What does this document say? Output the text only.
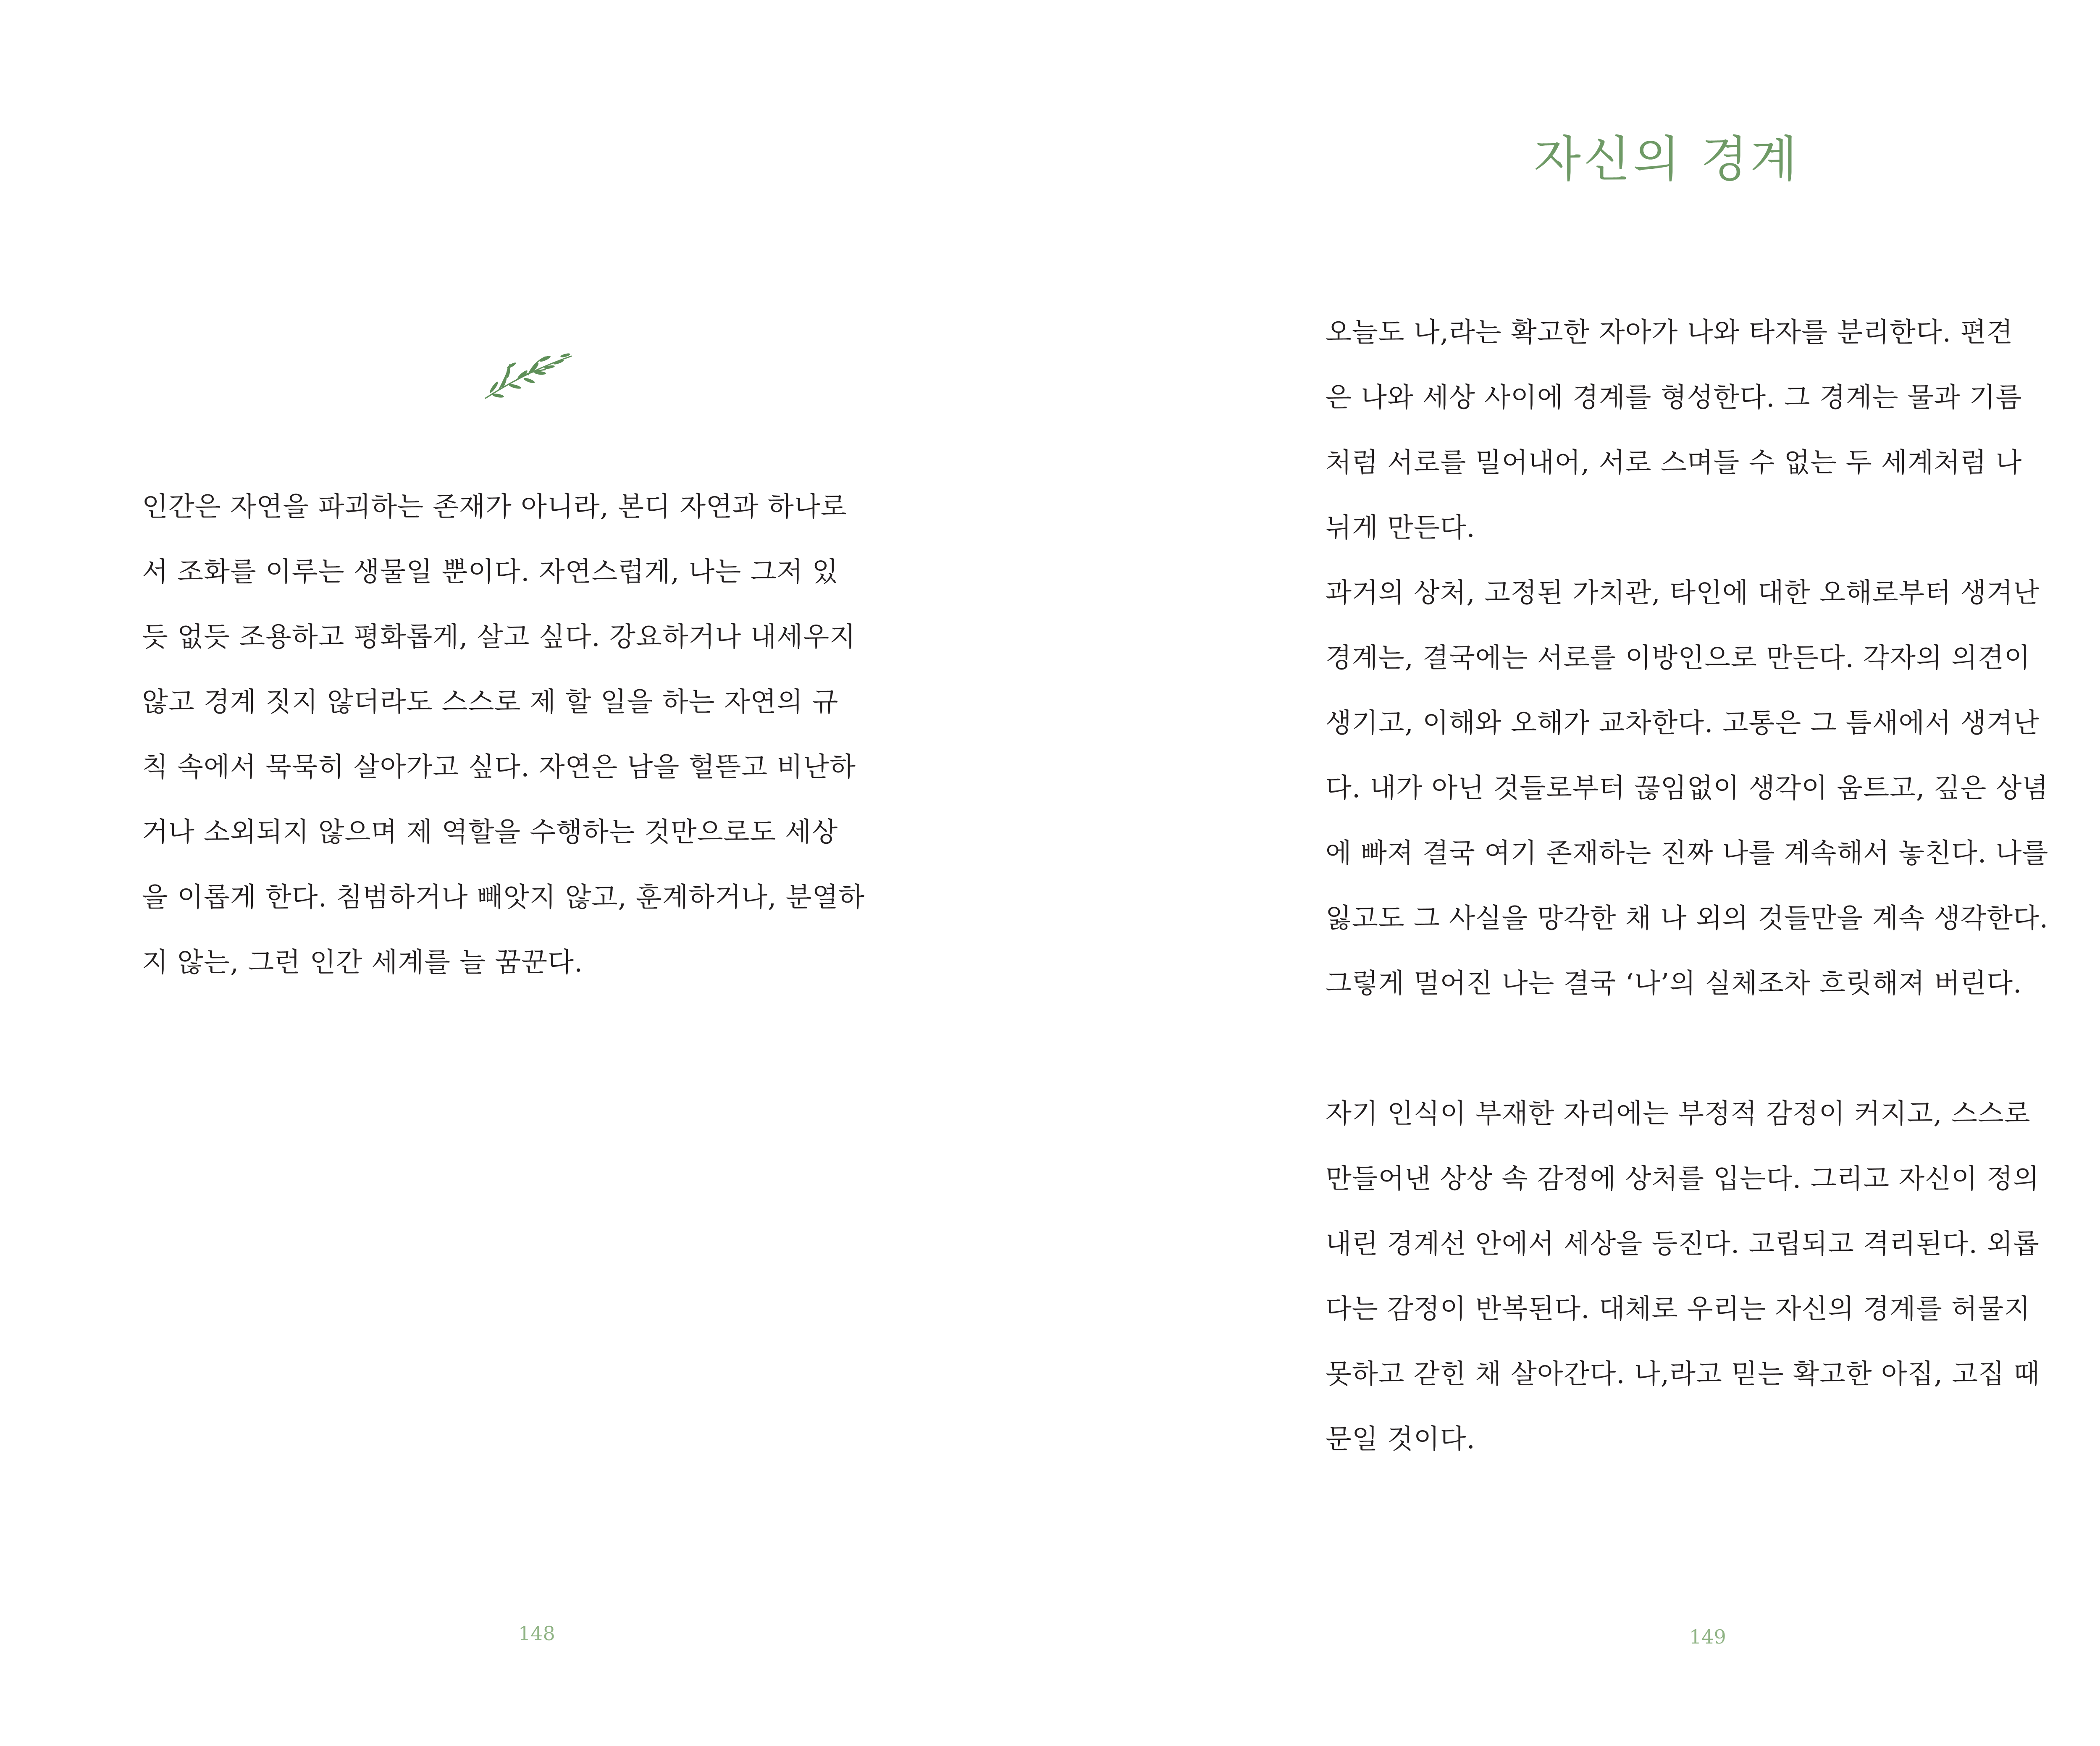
인간은 자연을 파괴하는 존재가 아니라, 본디 자연과 하나로
서 조화를 이루는 생물일 뿐이다. 자연스럽게, 나는 그저 있
듯 없듯 조용하고 평화롭게, 살고 싶다. 강요하거나 내세우지
않고 경계 짓지 않더라도 스스로 제 할 일을 하는 자연의 규
칙 속에서 묵묵히 살아가고 싶다. 자연은 남을 헐뜯고 비난하
거나 소외되지 않으며 제 역할을 수행하는 것만으로도 세상
을 이롭게 한다. 침범하거나 빼앗지 않고, 훈계하거나, 분열하
지 않는, 그런 인간 세계를 늘 꿈꾼다.
148
자신의 경계
오늘도 나,라는 확고한 자아가 나와 타자를 분리한다. 편견
은 나와 세상 사이에 경계를 형성한다. 그 경계는 물과 기름
처럼 서로를 밀어내어, 서로 스며들 수 없는 두 세계처럼 나
뉘게 만든다.
과거의 상처, 고정된 가치관, 타인에 대한 오해로부터 생겨난
경계는, 결국에는 서로를 이방인으로 만든다. 각자의 의견이
생기고, 이해와 오해가 교차한다. 고통은 그 틈새에서 생겨난
다. 내가 아닌 것들로부터 끊임없이 생각이 움트고, 깊은 상념
에 빠져 결국 여기 존재하는 진짜 나를 계속해서 놓친다. 나를
잃고도 그 사실을 망각한 채 나 외의 것들만을 계속 생각한다.
그렇게 멀어진 나는 결국 ‘나’의 실체조차 흐릿해져 버린다.
자기 인식이 부재한 자리에는 부정적 감정이 커지고, 스스로
만들어낸 상상 속 감정에 상처를 입는다. 그리고 자신이 정의
내린 경계선 안에서 세상을 등진다. 고립되고 격리된다. 외롭
다는 감정이 반복된다. 대체로 우리는 자신의 경계를 허물지
못하고 갇힌 채 살아간다. 나,라고 믿는 확고한 아집, 고집 때
문일 것이다.
149
